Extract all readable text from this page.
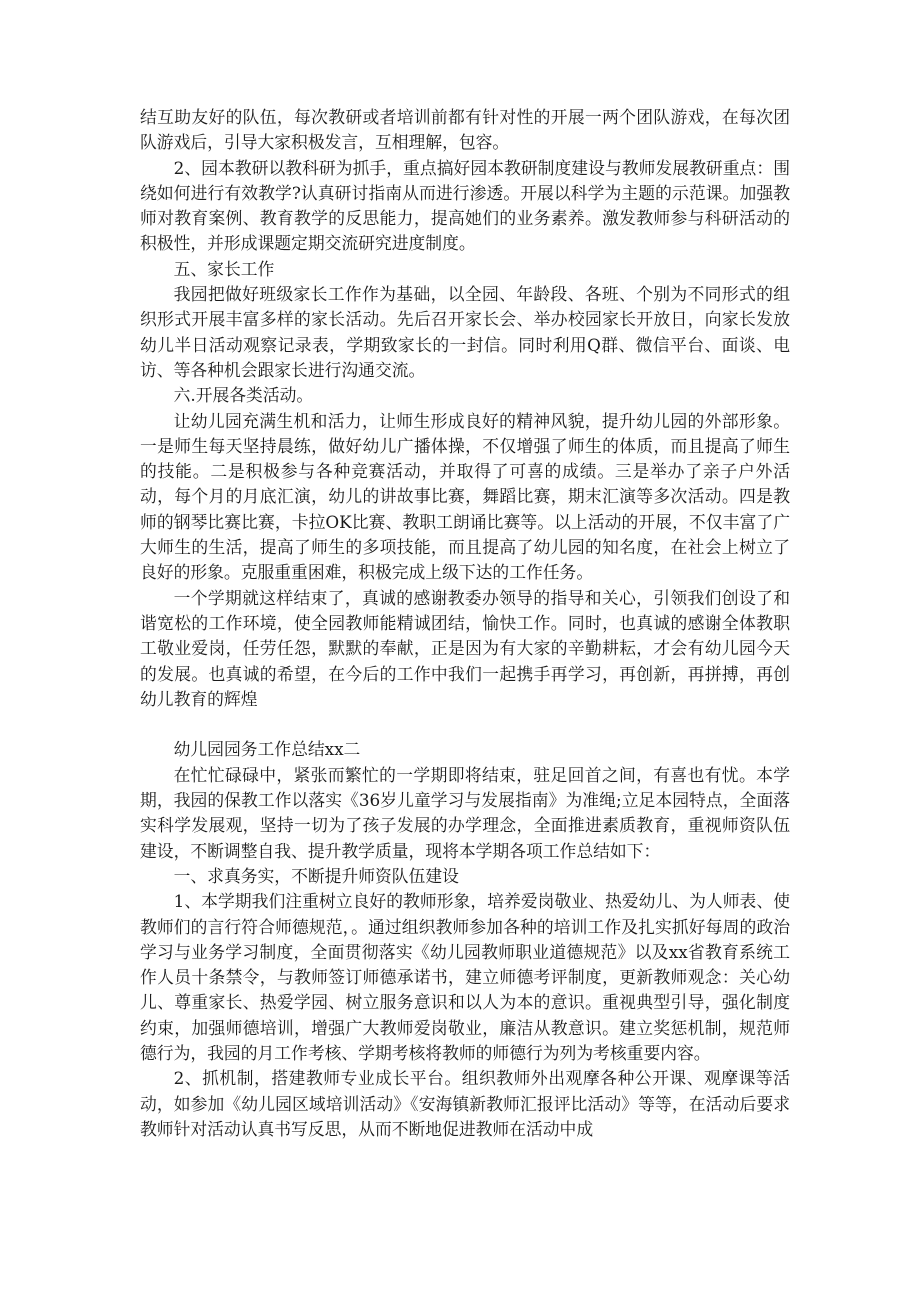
结互助友好的队伍，每次教研或者培训前都有针对性的开展一两个团队游戏，在每次团队游戏后，引导大家积极发言，互相理解，包容。

2、园本教研以教科研为抓手，重点搞好园本教研制度建设与教师发展教研重点：围绕如何进行有效教学?认真研讨指南从而进行渗透。开展以科学为主题的示范课。加强教师对教育案例、教育教学的反思能力，提高她们的业务素养。激发教师参与科研活动的积极性，并形成课题定期交流研究进度制度。

五、家长工作

我园把做好班级家长工作作为基础，以全园、年龄段、各班、个别为不同形式的组织形式开展丰富多样的家长活动。先后召开家长会、举办校园家长开放日，向家长发放幼儿半日活动观察记录表，学期致家长的一封信。同时利用Q群、微信平台、面谈、电访、等各种机会跟家长进行沟通交流。

六.开展各类活动。

让幼儿园充满生机和活力，让师生形成良好的精神风貌，提升幼儿园的外部形象。一是师生每天坚持晨练，做好幼儿广播体操，不仅增强了师生的体质，而且提高了师生的技能。二是积极参与各种竞赛活动，并取得了可喜的成绩。三是举办了亲子户外活动，每个月的月底汇演，幼儿的讲故事比赛，舞蹈比赛，期末汇演等多次活动。四是教师的钢琴比赛比赛，卡拉OK比赛、教职工朗诵比赛等。以上活动的开展，不仅丰富了广大师生的生活，提高了师生的多项技能，而且提高了幼儿园的知名度，在社会上树立了良好的形象。克服重重困难，积极完成上级下达的工作任务。

一个学期就这样结束了，真诚的感谢教委办领导的指导和关心，引领我们创设了和谐宽松的工作环境，使全园教师能精诚团结，愉快工作。同时，也真诚的感谢全体教职工敬业爱岗，任劳任怨，默默的奉献，正是因为有大家的辛勤耕耘，才会有幼儿园今天的发展。也真诚的希望，在今后的工作中我们一起携手再学习，再创新，再拼搏，再创幼儿教育的辉煌

幼儿园园务工作总结xx二

在忙忙碌碌中，紧张而繁忙的一学期即将结束，驻足回首之间，有喜也有忧。本学期，我园的保教工作以落实《36岁儿童学习与发展指南》为准绳;立足本园特点，全面落实科学发展观，坚持一切为了孩子发展的办学理念，全面推进素质教育，重视师资队伍建设，不断调整自我、提升教学质量，现将本学期各项工作总结如下：

一、求真务实，不断提升师资队伍建设

1、本学期我们注重树立良好的教师形象，培养爱岗敬业、热爱幼儿、为人师表、使教师们的言行符合师德规范，。通过组织教师参加各种的培训工作及扎实抓好每周的政治学习与业务学习制度，全面贯彻落实《幼儿园教师职业道德规范》以及xx省教育系统工作人员十条禁令，与教师签订师德承诺书，建立师德考评制度，更新教师观念：关心幼儿、尊重家长、热爱学园、树立服务意识和以人为本的意识。重视典型引导，强化制度约束，加强师德培训，增强广大教师爱岗敬业，廉洁从教意识。建立奖惩机制，规范师德行为，我园的月工作考核、学期考核将教师的师德行为列为考核重要内容。

2、抓机制，搭建教师专业成长平台。组织教师外出观摩各种公开课、观摩课等活动，如参加《幼儿园区域培训活动》《安海镇新教师汇报评比活动》等等，在活动后要求教师针对活动认真书写反思，从而不断地促进教师在活动中成
